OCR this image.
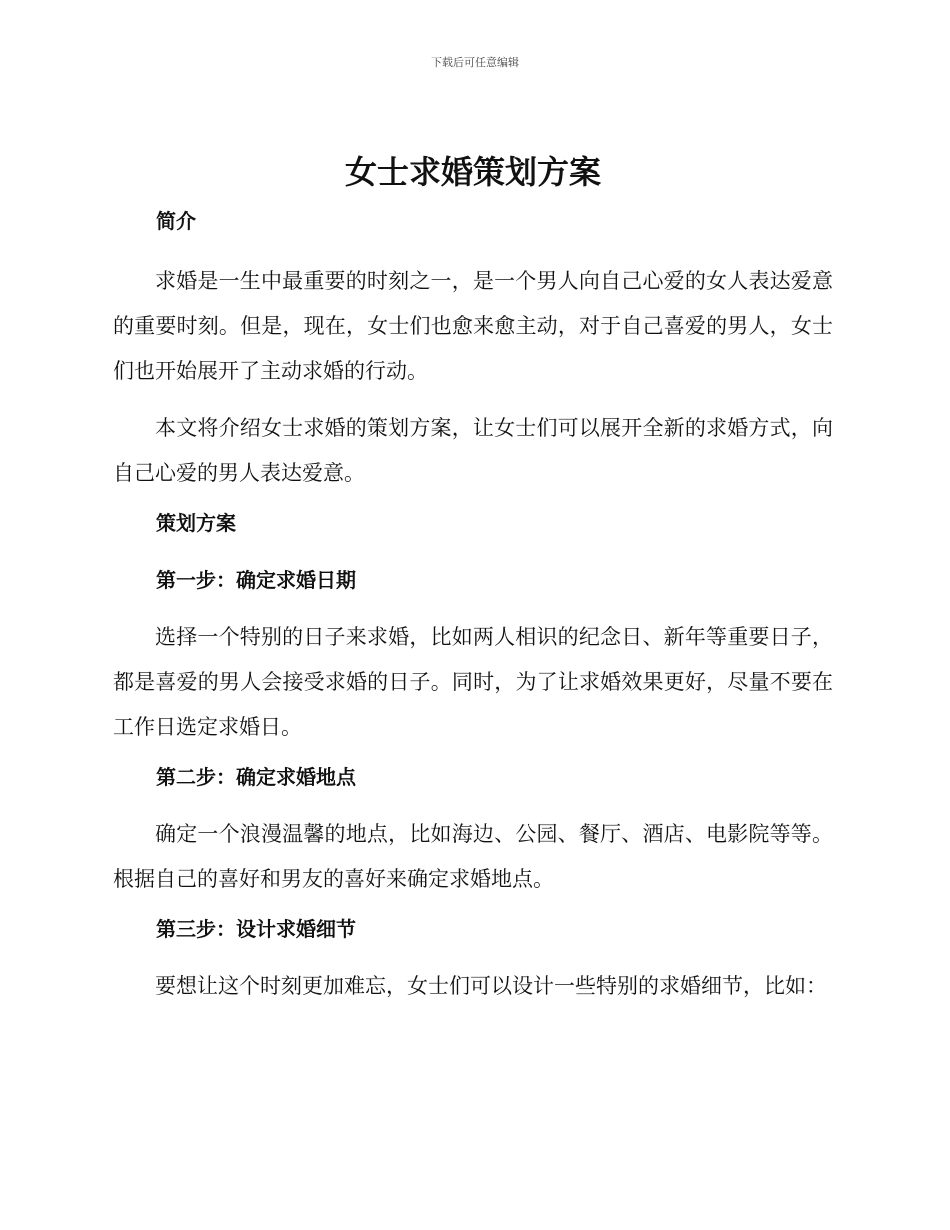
下载后可任意编辑
女士求婚策划方案
简介

求婚是一生中最重要的时刻之一，是一个男人向自己心爱的女人表达爱意的重要时刻。但是，现在，女士们也愈来愈主动，对于自己喜爱的男人，女士们也开始展开了主动求婚的行动。

本文将介绍女士求婚的策划方案，让女士们可以展开全新的求婚方式，向自己心爱的男人表达爱意。

策划方案
第一步：确定求婚日期

选择一个特别的日子来求婚，比如两人相识的纪念日、新年等重要日子，都是喜爱的男人会接受求婚的日子。同时，为了让求婚效果更好，尽量不要在工作日选定求婚日。

第二步：确定求婚地点

确定一个浪漫温馨的地点，比如海边、公园、餐厅、酒店、电影院等等。根据自己的喜好和男友的喜好来确定求婚地点。

第三步：设计求婚细节

要想让这个时刻更加难忘，女士们可以设计一些特别的求婚细节，比如：
